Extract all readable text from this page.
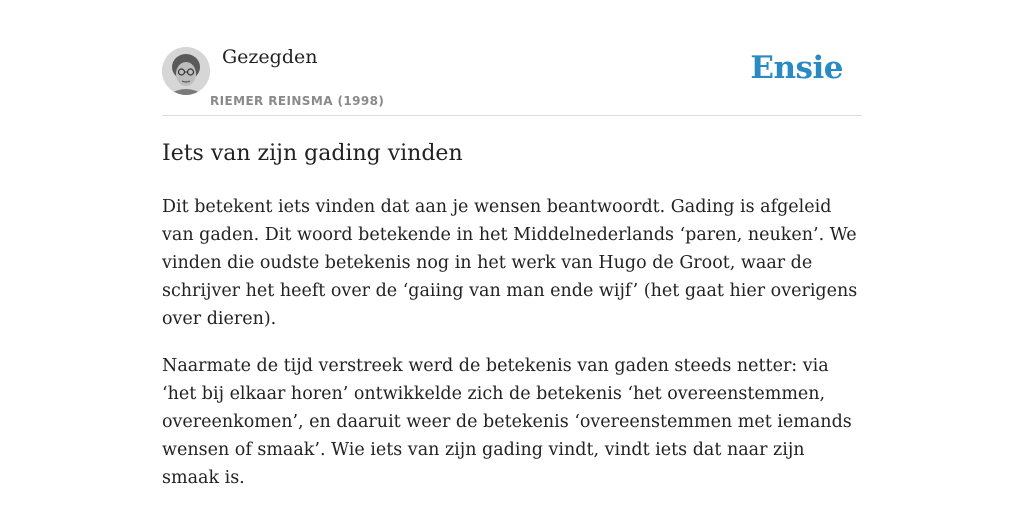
Gezegden
RIEMER REINSMA (1998)
Ensie
Iets van zijn gading vinden

Dit betekent iets vinden dat aan je wensen beantwoordt. Gading is afgeleid van gaden. Dit woord betekende in het Middelnederlands ‘paren, neuken’. We vinden die oudste betekenis nog in het werk van Hugo de Groot, waar de schrijver het heeft over de ‘gaiing van man ende wijf’ (het gaat hier overigens over dieren).

Naarmate de tijd verstreek werd de betekenis van gaden steeds netter: via ‘het bij elkaar horen’ ontwikkelde zich de betekenis ‘het overeenstemmen, overeenkomen’, en daaruit weer de betekenis ‘overeenstemmen met iemands wensen of smaak’. Wie iets van zijn gading vindt, vindt iets dat naar zijn smaak is.
